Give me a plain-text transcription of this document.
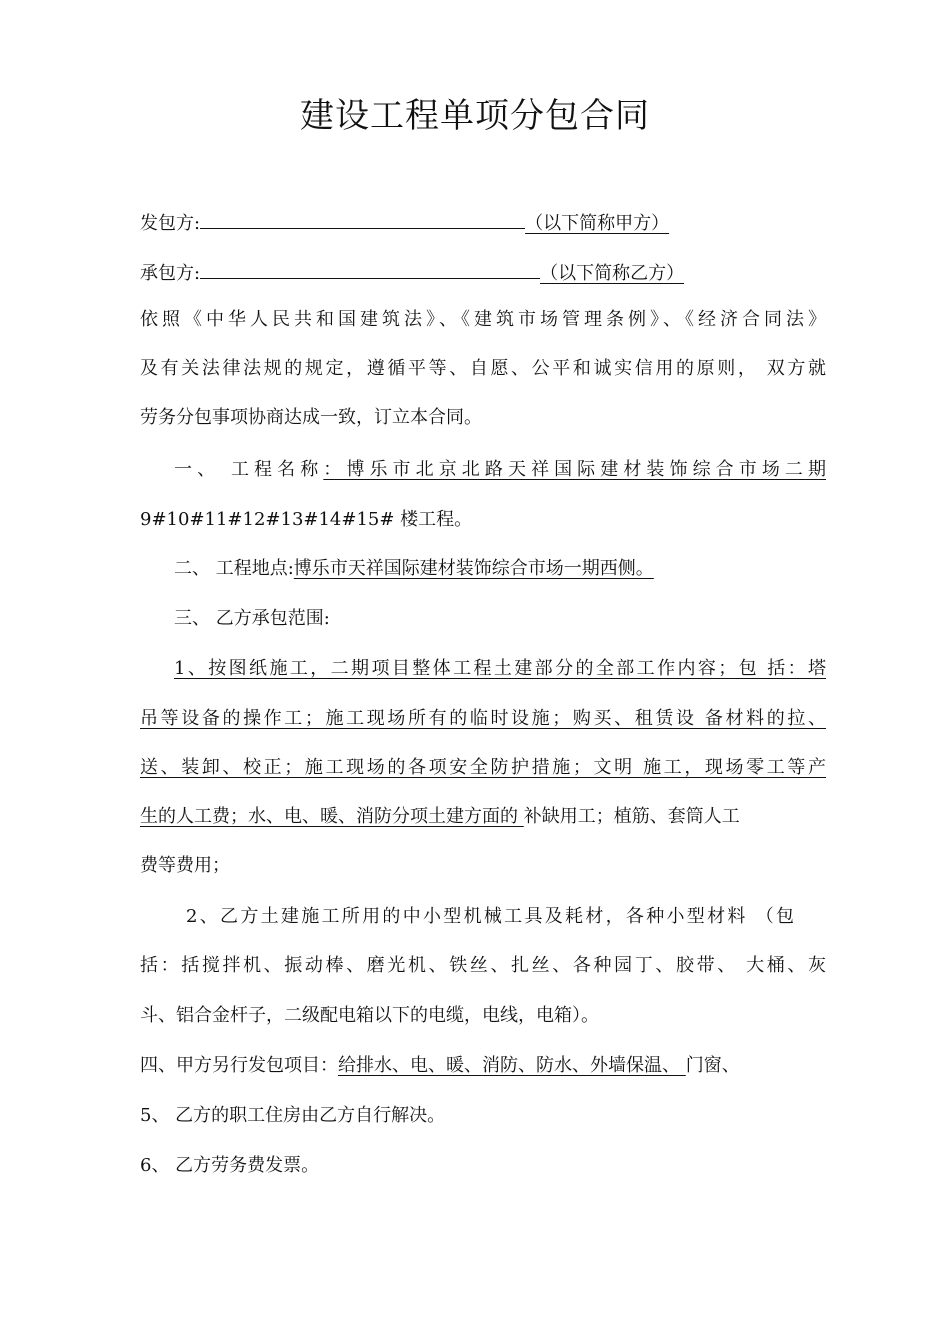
建设工程单项分包合同
发包方:	（以下简称甲方）
承包方:	（以下简称乙方）
依照《中华人民共和国建筑法》、《建筑市场管理条例》、《经济合同法》
及有关法律法规的规定，遵循平等、自愿、公平和诚实信用的原则， 双方就
劳务分包事项协商达成一致，订立本合同。
一、 工程名称：博乐市北京北路天祥国际建材装饰综合市场二期
9#10#11#12#13#14#15# 楼工程。
二、 工程地点:博乐市天祥国际建材装饰综合市场一期西侧。
三、 乙方承包范围:
1、按图纸施工，二期项目整体工程土建部分的全部工作内容；包 括：塔
吊等设备的操作工；施工现场所有的临时设施；购买、租赁设 备材料的拉、
送、装卸、校正；施工现场的各项安全防护措施；文明 施工，现场零工等产
生的人工费；水、电、暖、消防分项土建方面的 补缺用工；植筋、套筒人工
费等费用；
2、乙方土建施工所用的中小型机械工具及耗材，各种小型材料 （包
括：括搅拌机、振动棒、磨光机、铁丝、扎丝、各种园丁、胶带、 大桶、灰
斗、铝合金杆子，二级配电箱以下的电缆，电线，电箱）。
四、甲方另行发包项目：给排水、电、暖、消防、防水、外墙保温、 门窗、
5、 乙方的职工住房由乙方自行解决。
6、 乙方劳务费发票。
